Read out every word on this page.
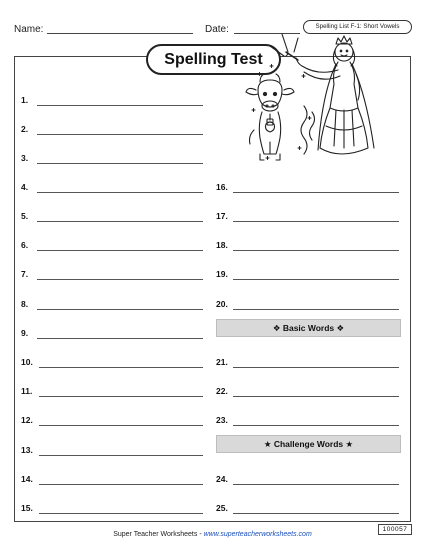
Name:	Date:	Spelling List F-1: Short Vowels
Spelling Test
1.
2.
3.
4.
5.
6.
7.
8.
9.
10.
11.
12.
13.
14.
15.
16.
17.
18.
19.
20.
❖ Basic Words ❖
21.
22.
23.
★ Challenge Words ★
24.
25.
100057
Super Teacher Worksheets - www.superteacherworksheets.com
